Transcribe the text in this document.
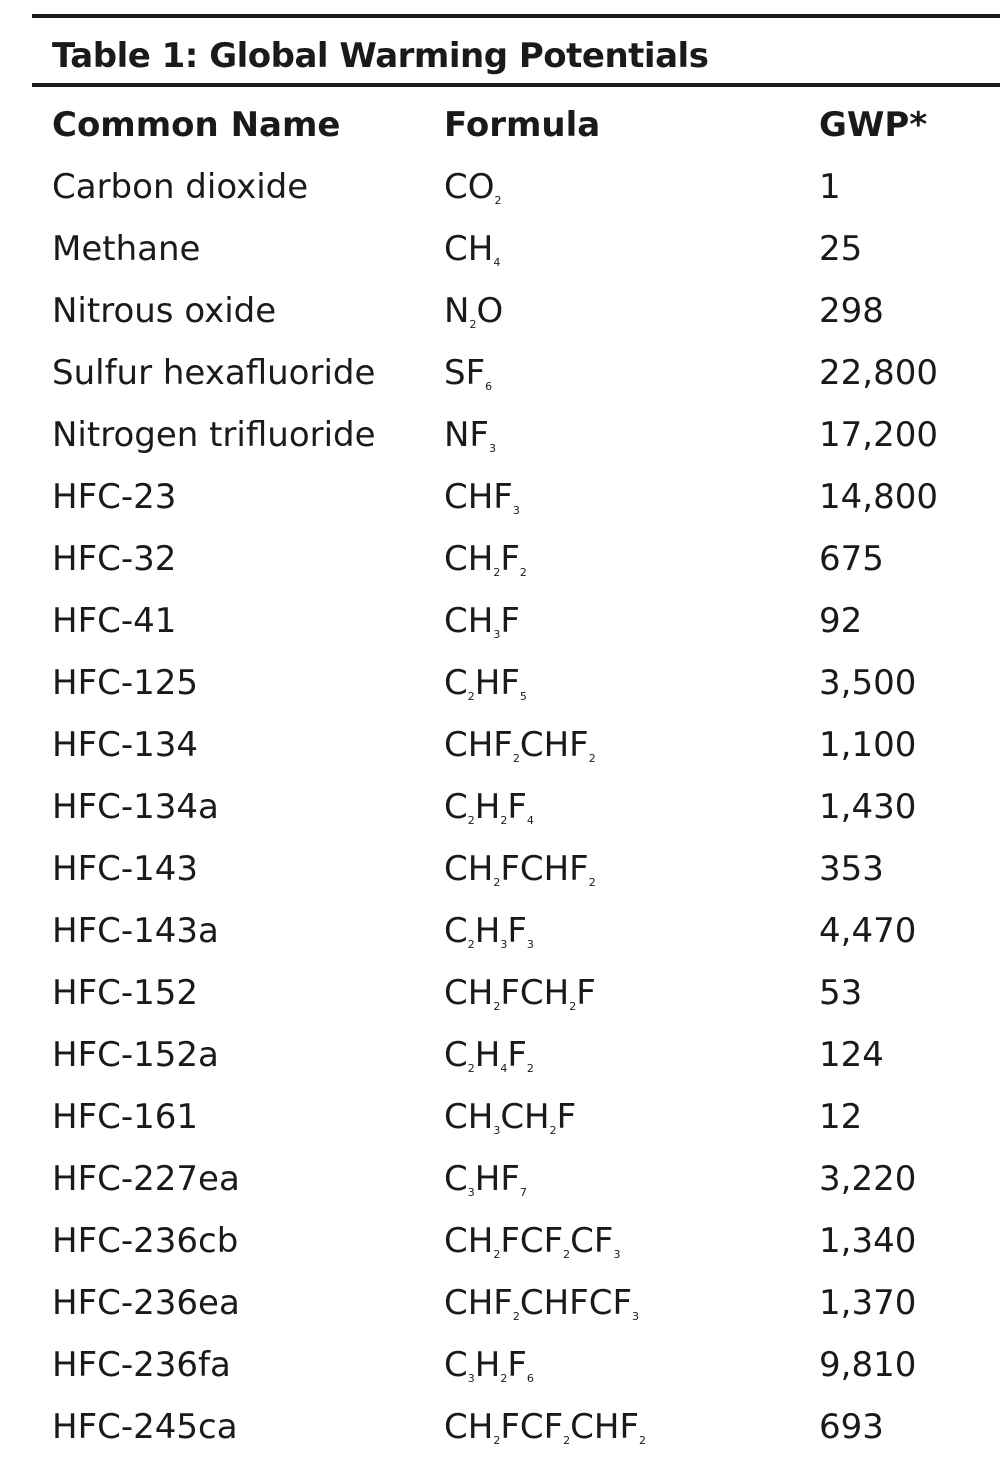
Table 1: Global Warming Potentials
Common Name	Formula	GWP*
Carbon dioxide	$CO_2$	1
Methane	$CH_4$	25
Nitrous oxide	$N_2O$	298
Sulfur hexafluoride $SF_6$	22,800
Nitrogen trifluoride $NF_3$	17,200
HFC-23	$CHF_3$	14,800
HFC-32	$CH_2F_2$	675
HFC-41	$CH_3F$	92
HFC-125	$C_2HF_5$	3,500
HFC-134	$CHF_2CHF_2$	1,100
HFC-134a	$C_2H_2F_4$	1,430
HFC-143	$CH_2FCHF_2$	353
HFC-143a	$C_2H_3F_3$	4,470
HFC-152	$CH_2FCH_2F$	53
HFC-152a	$C_2H_4F_2$	124
HFC-161	$CH_3CH_2F$	12
HFC-227ea	$C_3HF_7$	3,220
HFC-236cb	$CH_2FCF_2CF_3$	1,340
HFC-236ea	$CHF_2CHFCF_3$	1,370
HFC-236fa	$C_3H_2F_6$	9,810
HFC-245ca	$CH_2FCF_2CHF_2$	693
